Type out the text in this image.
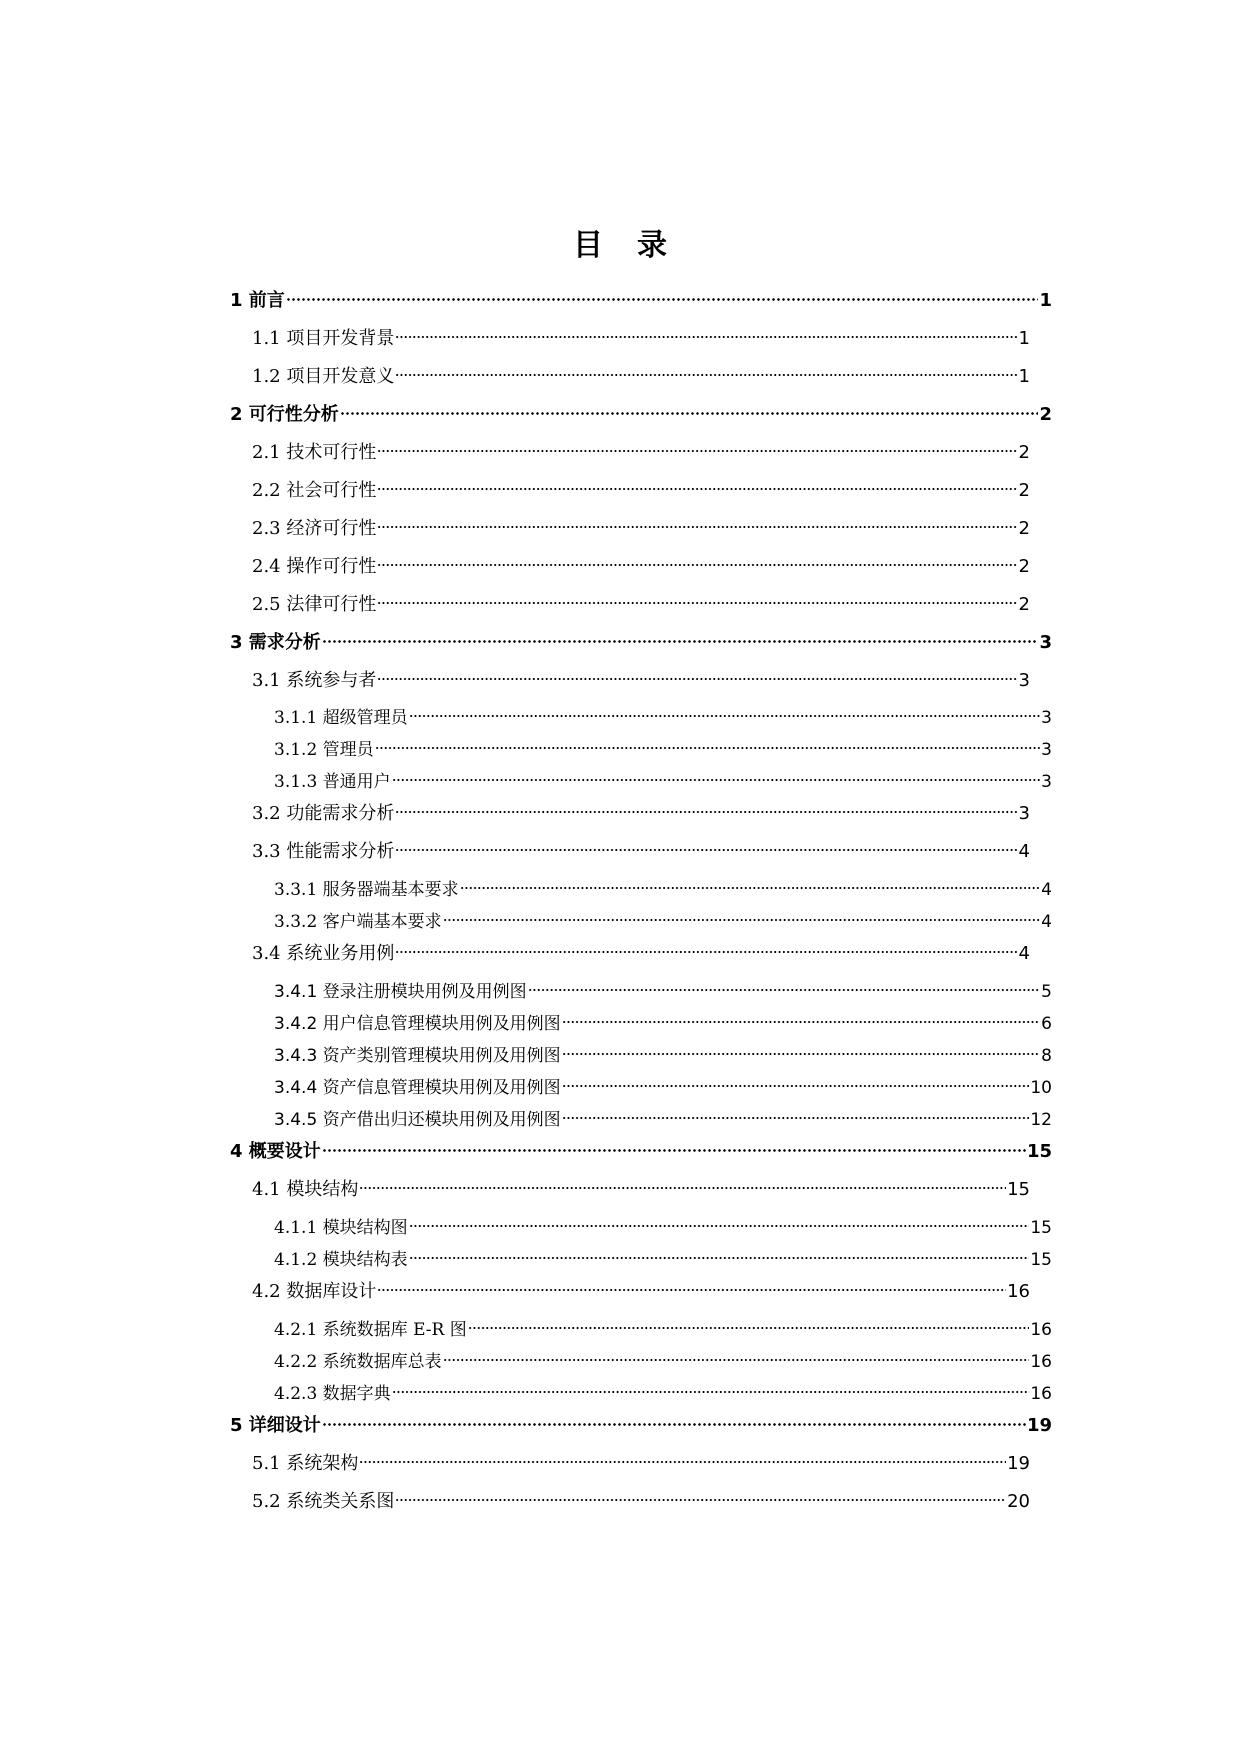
目 录
1 前言	1
1.1 项目开发背景	1
1.2 项目开发意义	1
2 可行性分析	2
2.1 技术可行性	2
2.2 社会可行性	2
2.3 经济可行性	2
2.4 操作可行性	2
2.5 法律可行性	2
3 需求分析	3
3.1 系统参与者	3
3.1.1 超级管理员	3
3.1.2 管理员	3
3.1.3 普通用户	3
3.2 功能需求分析	3
3.3 性能需求分析	4
3.3.1 服务器端基本要求	4
3.3.2 客户端基本要求	4
3.4 系统业务用例	4
3.4.1 登录注册模块用例及用例图	5
3.4.2 用户信息管理模块用例及用例图	6
3.4.3 资产类别管理模块用例及用例图	8
3.4.4 资产信息管理模块用例及用例图	10
3.4.5 资产借出归还模块用例及用例图	12
4 概要设计	15
4.1 模块结构	15
4.1.1 模块结构图	15
4.1.2 模块结构表	15
4.2 数据库设计	16
4.2.1 系统数据库 E-R 图	16
4.2.2 系统数据库总表	16
4.2.3 数据字典	16
5 详细设计	19
5.1 系统架构	19
5.2 系统类关系图	20
